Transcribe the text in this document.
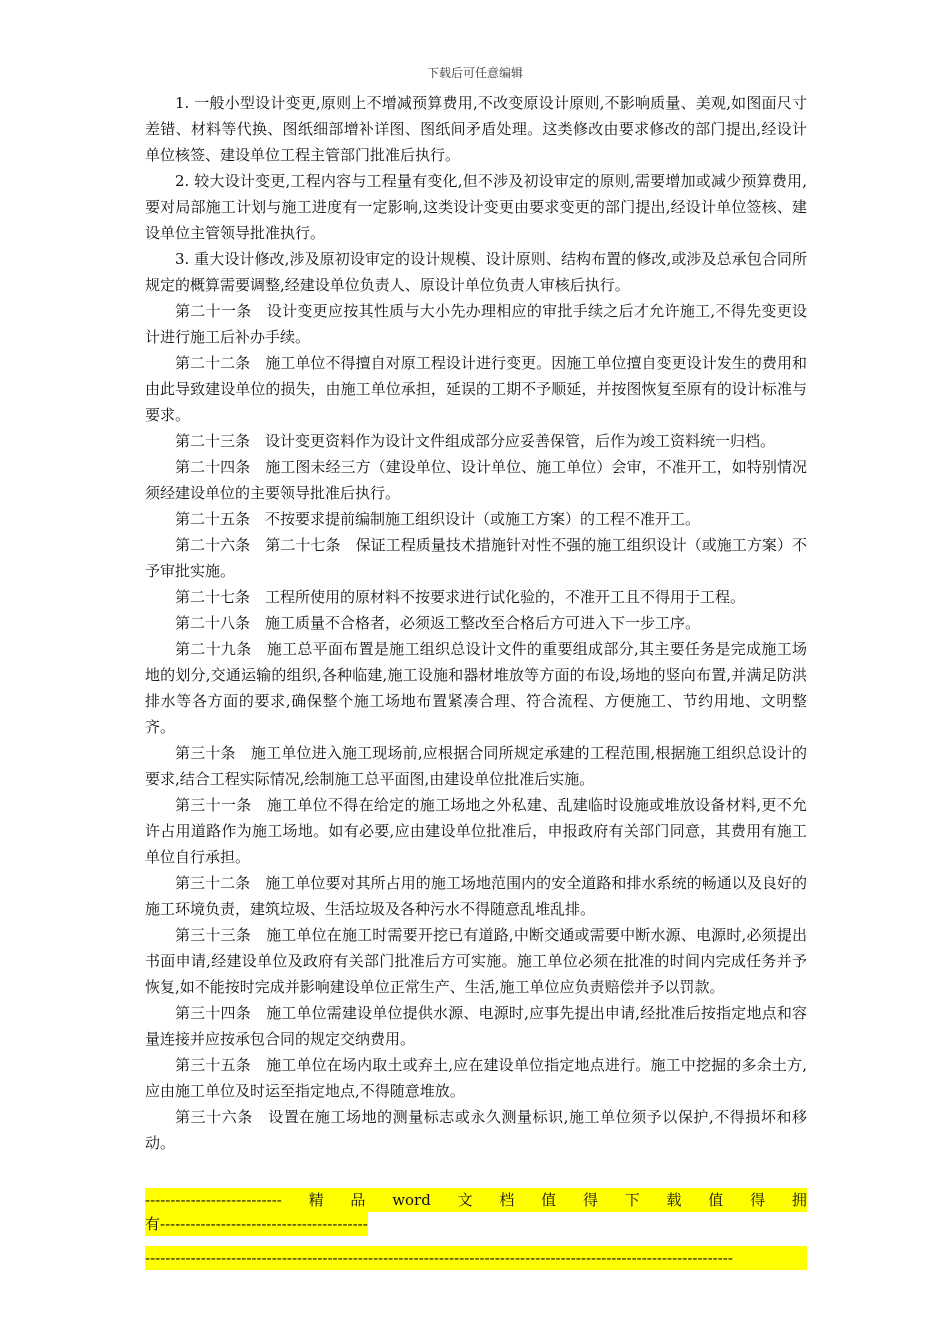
下载后可任意编辑

1. 一般小型设计变更,原则上不增减预算费用,不改变原设计原则,不影响质量、美观,如图面尺寸差错、材料等代换、图纸细部增补详图、图纸间矛盾处理。这类修改由要求修改的部门提出,经设计单位核签、建设单位工程主管部门批准后执行。

2. 较大设计变更,工程内容与工程量有变化,但不涉及初设审定的原则,需要增加或减少预算费用,要对局部施工计划与施工进度有一定影响,这类设计变更由要求变更的部门提出,经设计单位签核、建设单位主管领导批准执行。

3. 重大设计修改,涉及原初设审定的设计规模、设计原则、结构布置的修改,或涉及总承包合同所规定的概算需要调整,经建设单位负责人、原设计单位负责人审核后执行。

第二十一条　设计变更应按其性质与大小先办理相应的审批手续之后才允许施工,不得先变更设计进行施工后补办手续。

第二十二条　施工单位不得擅自对原工程设计进行变更。因施工单位擅自变更设计发生的费用和由此导致建设单位的损失，由施工单位承担，延误的工期不予顺延，并按图恢复至原有的设计标准与要求。

第二十三条　设计变更资料作为设计文件组成部分应妥善保管，后作为竣工资料统一归档。

第二十四条　施工图未经三方（建设单位、设计单位、施工单位）会审，不准开工，如特别情况须经建设单位的主要领导批准后执行。

第二十五条　不按要求提前编制施工组织设计（或施工方案）的工程不准开工。

第二十六条　第二十七条　保证工程质量技术措施针对性不强的施工组织设计（或施工方案）不予审批实施。

第二十七条　工程所使用的原材料不按要求进行试化验的，不准开工且不得用于工程。

第二十八条　施工质量不合格者，必须返工整改至合格后方可进入下一步工序。

第二十九条　施工总平面布置是施工组织总设计文件的重要组成部分,其主要任务是完成施工场地的划分,交通运输的组织,各种临建,施工设施和器材堆放等方面的布设,场地的竖向布置,并满足防洪排水等各方面的要求,确保整个施工场地布置紧凑合理、符合流程、方便施工、节约用地、文明整齐。

第三十条　施工单位进入施工现场前,应根据合同所规定承建的工程范围,根据施工组织总设计的要求,结合工程实际情况,绘制施工总平面图,由建设单位批准后实施。

第三十一条　施工单位不得在给定的施工场地之外私建、乱建临时设施或堆放设备材料,更不允许占用道路作为施工场地。如有必要,应由建设单位批准后，申报政府有关部门同意，其费用有施工单位自行承担。

第三十二条　施工单位要对其所占用的施工场地范围内的安全道路和排水系统的畅通以及良好的施工环境负责，建筑垃圾、生活垃圾及各种污水不得随意乱堆乱排。

第三十三条　施工单位在施工时需要开挖已有道路,中断交通或需要中断水源、电源时,必须提出书面申请,经建设单位及政府有关部门批准后方可实施。施工单位必须在批准的时间内完成任务并予恢复,如不能按时完成并影响建设单位正常生产、生活,施工单位应负责赔偿并予以罚款。

第三十四条　施工单位需建设单位提供水源、电源时,应事先提出申请,经批准后按指定地点和容量连接并应按承包合同的规定交纳费用。

第三十五条　施工单位在场内取土或弃土,应在建设单位指定地点进行。施工中挖掘的多余土方,应由施工单位及时运至指定地点,不得随意堆放。

第三十六条　设置在施工场地的测量标志或永久测量标识,施工单位须予以保护,不得损坏和移动。

--------------------------- 精 品 word 文 档 值 得 下 载 值 得 拥
有-----------------------------------------
--------------------------------------------------------------------------------------------------------------------
